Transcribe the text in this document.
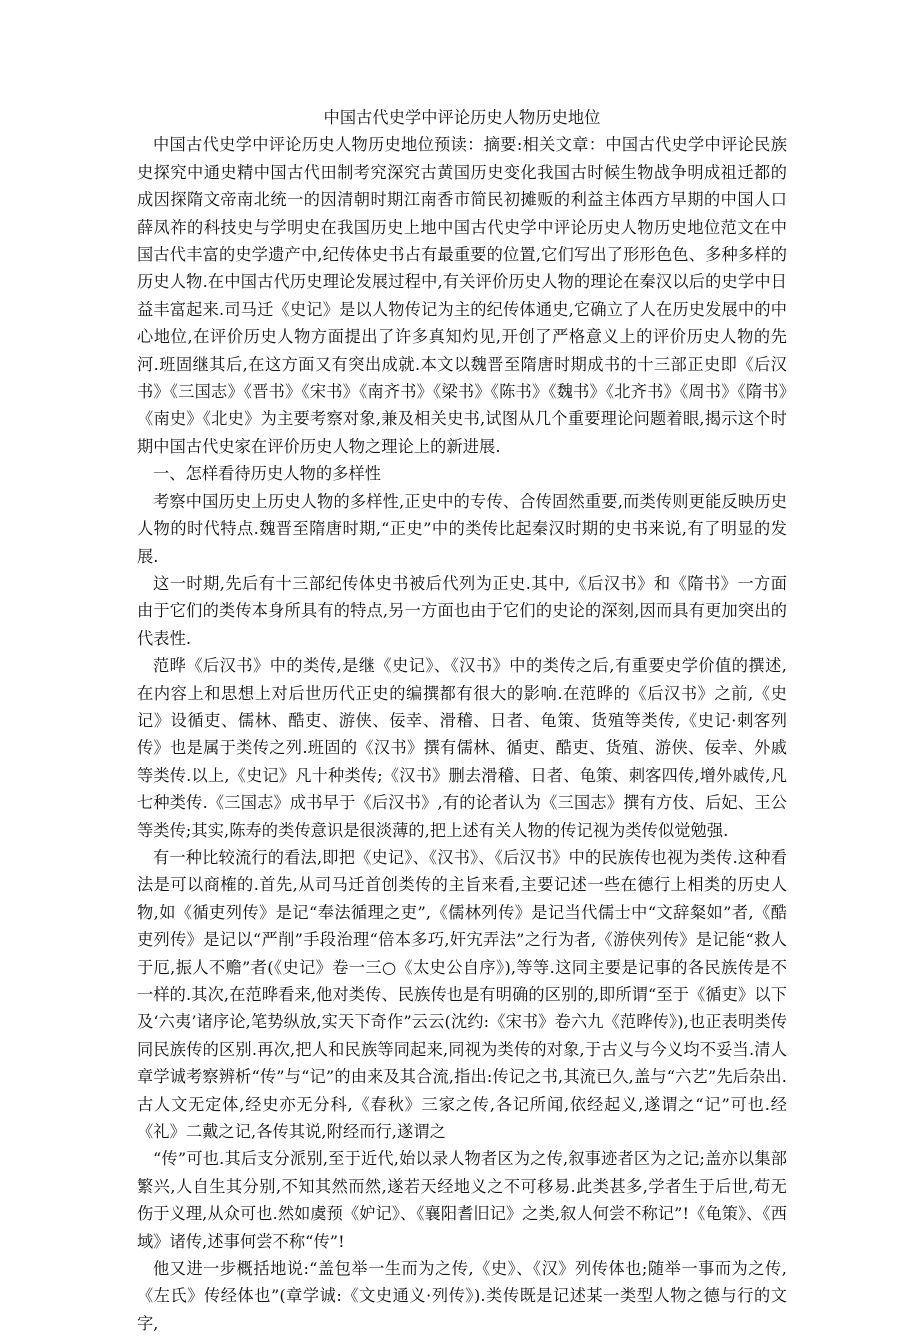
中国古代史学中评论历史人物历史地位

中国古代史学中评论历史人物历史地位预读：摘要:相关文章：中国古代史学中评论民族史探究中通史精中国古代田制考究深究古黄国历史变化我国古时候生物战争明成祖迁都的成因探隋文帝南北统一的因清朝时期江南香市简民初摊贩的利益主体西方早期的中国人口薛凤祚的科技史与学明史在我国历史上地中国古代史学中评论历史人物历史地位范文在中国古代丰富的史学遗产中,纪传体史书占有最重要的位置,它们写出了形形色色、多种多样的历史人物.在中国古代历史理论发展过程中,有关评价历史人物的理论在秦汉以后的史学中日益丰富起来.司马迁《史记》是以人物传记为主的纪传体通史,它确立了人在历史发展中的中心地位,在评价历史人物方面提出了许多真知灼见,开创了严格意义上的评价历史人物的先河.班固继其后,在这方面又有突出成就.本文以魏晋至隋唐时期成书的十三部正史即《后汉书》《三国志》《晋书》《宋书》《南齐书》《梁书》《陈书》《魏书》《北齐书》《周书》《隋书》《南史》《北史》为主要考察对象,兼及相关史书,试图从几个重要理论问题着眼,揭示这个时期中国古代史家在评价历史人物之理论上的新进展.

一、怎样看待历史人物的多样性

考察中国历史上历史人物的多样性,正史中的专传、合传固然重要,而类传则更能反映历史人物的时代特点.魏晋至隋唐时期,“正史”中的类传比起秦汉时期的史书来说,有了明显的发展.

这一时期,先后有十三部纪传体史书被后代列为正史.其中,《后汉书》和《隋书》一方面由于它们的类传本身所具有的特点,另一方面也由于它们的史论的深刻,因而具有更加突出的代表性.

范晔《后汉书》中的类传,是继《史记》、《汉书》中的类传之后,有重要史学价值的撰述,在内容上和思想上对后世历代正史的编撰都有很大的影响.在范晔的《后汉书》之前,《史记》设循吏、儒林、酷吏、游侠、佞幸、滑稽、日者、龟策、货殖等类传,《史记·刺客列传》也是属于类传之列.班固的《汉书》撰有儒林、循吏、酷吏、货殖、游侠、佞幸、外戚等类传.以上,《史记》凡十种类传;《汉书》删去滑稽、日者、龟策、刺客四传,增外戚传,凡七种类传.《三国志》成书早于《后汉书》,有的论者认为《三国志》撰有方伎、后妃、王公等类传;其实,陈寿的类传意识是很淡薄的,把上述有关人物的传记视为类传似觉勉强.

有一种比较流行的看法,即把《史记》、《汉书》、《后汉书》中的民族传也视为类传.这种看法是可以商榷的.首先,从司马迁首创类传的主旨来看,主要记述一些在德行上相类的历史人物,如《循吏列传》是记“奉法循理之吏”,《儒林列传》是记当代儒士中“文辞粲如”者,《酷吏列传》是记以“严削”手段治理“倍本多巧,奸宄弄法”之行为者,《游侠列传》是记能“救人于厄,振人不赡”者(《史记》卷一三○《太史公自序》),等等.这同主要是记事的各民族传是不一样的.其次,在范晔看来,他对类传、民族传也是有明确的区别的,即所谓“至于《循吏》以下及‘六夷’诸序论,笔势纵放,实天下奇作”云云(沈约:《宋书》卷六九《范晔传》),也正表明类传同民族传的区别.再次,把人和民族等同起来,同视为类传的对象,于古义与今义均不妥当.清人章学诚考察辨析“传”与“记”的由来及其合流,指出:传记之书,其流已久,盖与“六艺”先后杂出.古人文无定体,经史亦无分科,《春秋》三家之传,各记所闻,依经起义,遂谓之“记”可也.经《礼》二戴之记,各传其说,附经而行,遂谓之

“传”可也.其后支分派别,至于近代,始以录人物者区为之传,叙事迹者区为之记;盖亦以集部繁兴,人自生其分别,不知其然而然,遂若天经地义之不可移易.此类甚多,学者生于后世,苟无伤于义理,从众可也.然如虞预《妒记》、《襄阳耆旧记》之类,叙人何尝不称记”!《龟策》、《西域》诸传,述事何尝不称“传”!

他又进一步概括地说:“盖包举一生而为之传,《史》、《汉》列传体也;随举一事而为之传,《左氏》传经体也”(章学诚:《文史通义·列传》).类传既是记述某一类型人物之德与行的文字,
